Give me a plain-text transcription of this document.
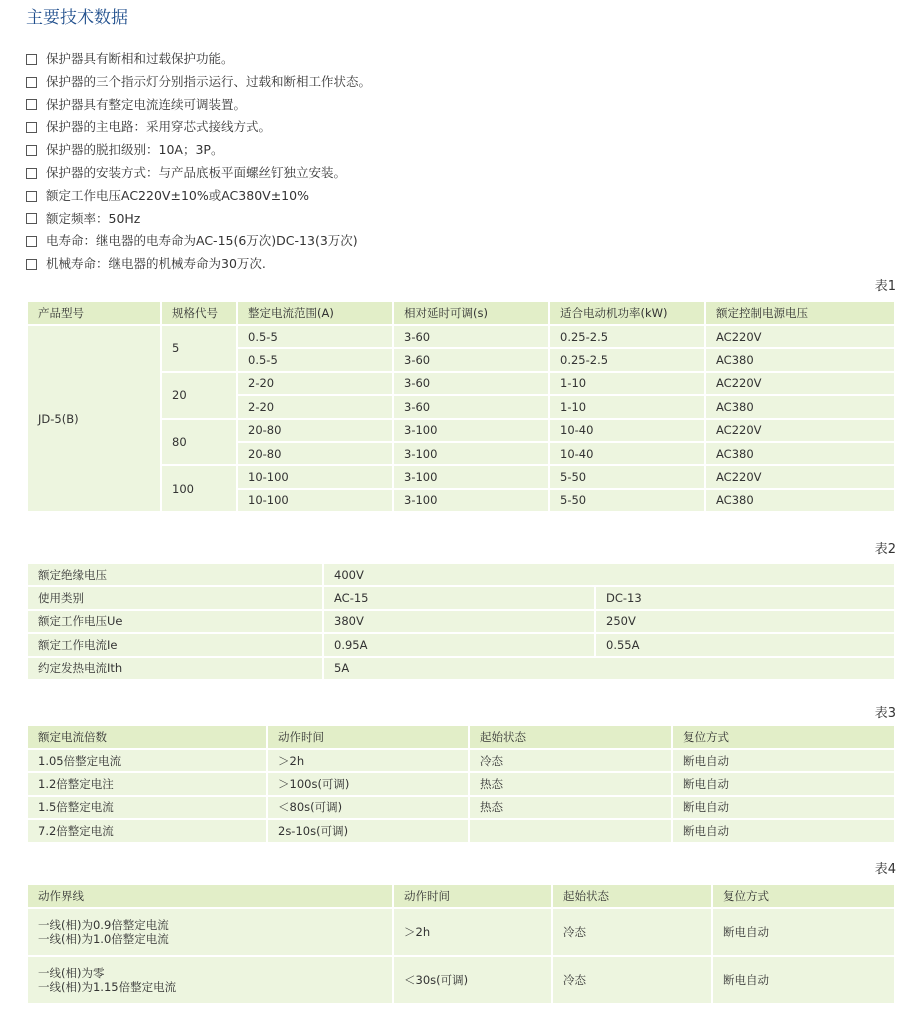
主要技术数据
保护器具有断相和过载保护功能。
保护器的三个指示灯分别指示运行、过载和断相工作状态。
保护器具有整定电流连续可调装置。
保护器的主电路：采用穿芯式接线方式。
保护器的脱扣级别：10A；3P。
保护器的安装方式：与产品底板平面螺丝钉独立安装。
额定工作电压AC220V±10%或AC380V±10%
额定频率：50Hz
电寿命：继电器的电寿命为AC-15(6万次)DC-13(3万次)
机械寿命：继电器的机械寿命为30万次.
表1
产品型号	规格代号	整定电流范围(A)	相对延时可调(s)	适合电动机功率(kW)	额定控制电源电压
JD-5(B)	5	0.5-5	3-60	0.25-2.5	AC220V
		0.5-5	3-60	0.25-2.5	AC380
	20	2-20	3-60	1-10	AC220V
		2-20	3-60	1-10	AC380
	80	20-80	3-100	10-40	AC220V
		20-80	3-100	10-40	AC380
	100	10-100	3-100	5-50	AC220V
		10-100	3-100	5-50	AC380
表2
额定绝缘电压	400V	
使用类别	AC-15	DC-13
额定工作电压Ue	380V	250V
额定工作电流Ie	0.95A	0.55A
约定发热电流Ith	5A	
表3
额定电流倍数	动作时间	起始状态	复位方式
1.05倍整定电流	＞2h	冷态	断电自动
1.2倍整定电注	＞100s(可调)	热态	断电自动
1.5倍整定电流	＜80s(可调)	热态	断电自动
7.2倍整定电流	2s-10s(可调)		断电自动
表4
动作界线	动作时间	起始状态	复位方式

一线(相)为0.9倍整定电流
一线(相)为1.0倍整定电流	＞2h	冷态	断电自动

一线(相)为零
一线(相)为1.15倍整定电流	＜30s(可调)	冷态	断电自动
